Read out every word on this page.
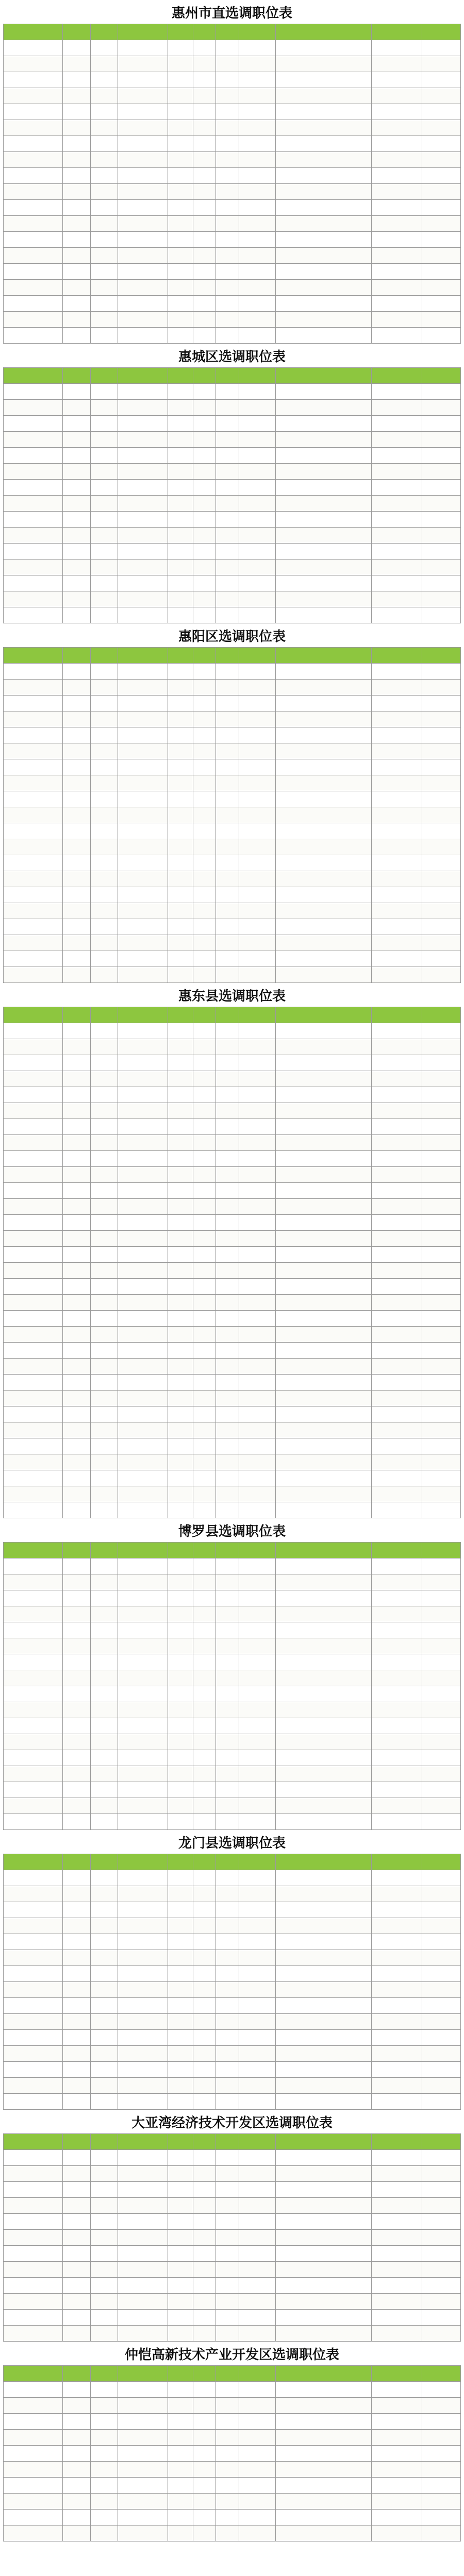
惠州市直选调职位表

惠城区选调职位表

惠阳区选调职位表

惠东县选调职位表

博罗县选调职位表

龙门县选调职位表

大亚湾经济技术开发区选调职位表

仲恺高新技术产业开发区选调职位表
